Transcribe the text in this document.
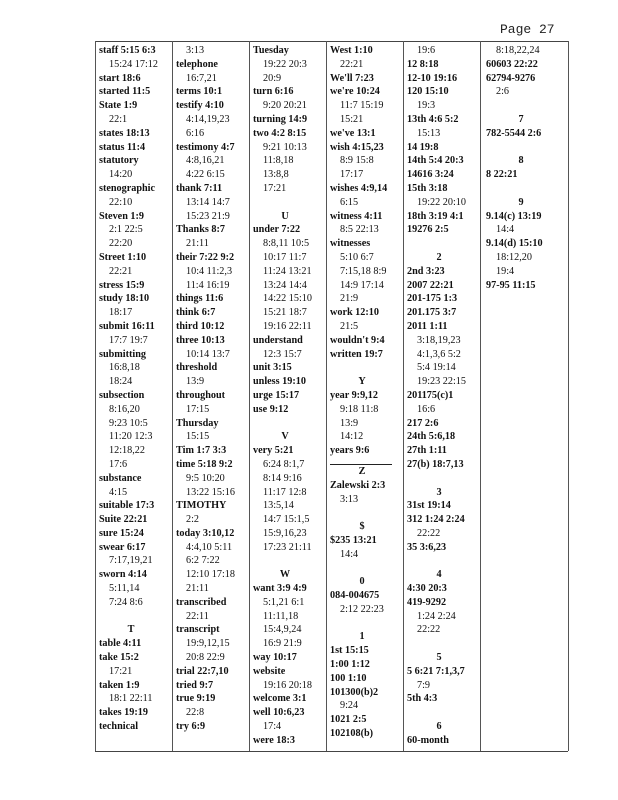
Page 27
staff 5:15 6:3
15:24 17:12
start 18:6
started 11:5
State 1:9
22:1
states 18:13
status 11:4
statutory
14:20
stenographic
22:10
Steven 1:9
2:1 22:5
22:20
Street 1:10
22:21
stress 15:9
study 18:10
18:17
submit 16:11
17:7 19:7
submitting
16:8,18
18:24
subsection
8:16,20
9:23 10:5
11:20 12:3
12:18,22
17:6
substance
4:15
suitable 17:3
Suite 22:21
sure 15:24
swear 6:17
7:17,19,21
sworn 4:14
5:11,14
7:24 8:6
T
table 4:11
take 15:2
17:21
taken 1:9
18:1 22:11
takes 19:19
technical
3:13
telephone
16:7,21
terms 10:1
testify 4:10
4:14,19,23
6:16
testimony 4:7
4:8,16,21
4:22 6:15
thank 7:11
13:14 14:7
15:23 21:9
Thanks 8:7
21:11
their 7:22 9:2
10:4 11:2,3
11:4 16:19
things 11:6
think 6:7
third 10:12
three 10:13
10:14 13:7
threshold
13:9
throughout
17:15
Thursday
15:15
Tim 1:7 3:3
time 5:18 9:2
9:5 10:20
13:22 15:16
TIMOTHY
2:2
today 3:10,12
4:4,10 5:11
6:2 7:22
12:10 17:18
21:11
transcribed
22:11
transcript
19:9,12,15
20:8 22:9
trial 22:7,10
tried 9:7
true 9:19
22:8
try 6:9
Tuesday
19:22 20:3
20:9
turn 6:16
9:20 20:21
turning 14:9
two 4:2 8:15
9:21 10:13
11:8,18
13:8,8
17:21
U
under 7:22
8:8,11 10:5
10:17 11:7
11:24 13:21
13:24 14:4
14:22 15:10
15:21 18:7
19:16 22:11
understand
12:3 15:7
unit 3:15
unless 19:10
urge 15:17
use 9:12
V
very 5:21
6:24 8:1,7
8:14 9:16
11:17 12:8
13:5,14
14:7 15:1,5
15:9,16,23
17:23 21:11
W
want 3:9 4:9
5:1,21 6:1
11:11,18
15:4,9,24
16:9 21:9
way 10:17
website
19:16 20:18
welcome 3:1
well 10:6,23
17:4
were 18:3
West 1:10
22:21
We'll 7:23
we're 10:24
11:7 15:19
15:21
we've 13:1
wish 4:15,23
8:9 15:8
17:17
wishes 4:9,14
6:15
witness 4:11
8:5 22:13
witnesses
5:10 6:7
7:15,18 8:9
14:9 17:14
21:9
work 12:10
21:5
wouldn't 9:4
written 19:7
Y
year 9:9,12
9:18 11:8
13:9
14:12
years 9:6
Z
Zalewski 2:3
3:13
$
$235 13:21
14:4
0
084-004675
2:12 22:23
1
1st 15:15
1:00 1:12
100 1:10
101300(b)2
9:24
1021 2:5
102108(b)
19:6
12 8:18
12-10 19:16
120 15:10
19:3
13th 4:6 5:2
15:13
14 19:8
14th 5:4 20:3
14616 3:24
15th 3:18
19:22 20:10
18th 3:19 4:1
19276 2:5
2
2nd 3:23
2007 22:21
201-175 1:3
201.175 3:7
2011 1:11
3:18,19,23
4:1,3,6 5:2
5:4 19:14
19:23 22:15
201175(c)1
16:6
217 2:6
24th 5:6,18
27th 1:11
27(b) 18:7,13
3
31st 19:14
312 1:24 2:24
22:22
35 3:6,23
4
4:30 20:3
419-9292
1:24 2:24
22:22
5
5 6:21 7:1,3,7
7:9
5th 4:3
6
60-month
8:18,22,24
60603 22:22
62794-9276
2:6
7
782-5544 2:6
8
8 22:21
9
9.14(c) 13:19
14:4
9.14(d) 15:10
18:12,20
19:4
97-95 11:15
